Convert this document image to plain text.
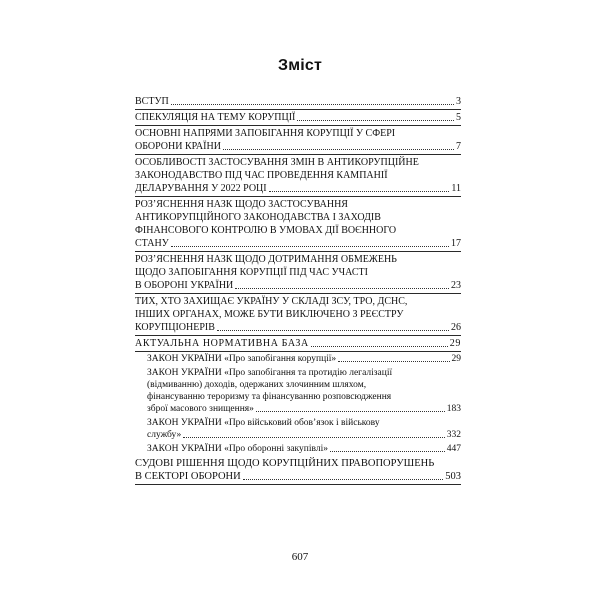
Зміст
ВСТУП	3
СПЕКУЛЯЦІЯ НА ТЕМУ КОРУПЦІЇ	5
ОСНОВНІ НАПРЯМИ ЗАПОБІГАННЯ КОРУПЦІЇ У СФЕРІ
ОБОРОНИ КРАЇНИ	7
ОСОБЛИВОСТІ ЗАСТОСУВАННЯ ЗМІН В АНТИКОРУПЦІЙНЕ
ЗАКОНОДАВСТВО ПІД ЧАС ПРОВЕДЕННЯ КАМПАНІЇ
ДЕЛАРУВАННЯ У 2022 РОЦІ	11
РОЗ’ЯСНЕННЯ НАЗК ЩОДО ЗАСТОСУВАННЯ
АНТИКОРУПЦІЙНОГО ЗАКОНОДАВСТВА І ЗАХОДІВ
ФІНАНСОВОГО КОНТРОЛЮ В УМОВАХ ДІЇ ВОЄННОГО
СТАНУ	17
РОЗ’ЯСНЕННЯ НАЗК ЩОДО ДОТРИМАННЯ ОБМЕЖЕНЬ
ЩОДО ЗАПОБІГАННЯ КОРУПЦІЇ ПІД ЧАС УЧАСТІ
В ОБОРОНІ УКРАЇНИ	23
ТИХ, ХТО ЗАХИЩАЄ УКРАЇНУ У СКЛАДІ ЗСУ, ТРО, ДСНС,
ІНШИХ ОРГАНАХ, МОЖЕ БУТИ ВИКЛЮЧЕНО З РЕЄСТРУ
КОРУПЦІОНЕРІВ	26
АКТУАЛЬНА НОРМАТИВНА БАЗА	29
ЗАКОН УКРАЇНИ «Про запобігання корупції»	29
ЗАКОН УКРАЇНИ «Про запобігання та протидію легалізації
(відмиванню) доходів, одержаних злочинним шляхом,
фінансуванню тероризму та фінансуванню розповсюдження
зброї масового знищення»	183
ЗАКОН УКРАЇНИ «Про військовий обов’язок і військову
службу»	332
ЗАКОН УКРАЇНИ «Про оборонні закупівлі»	447
СУДОВІ РІШЕННЯ ЩОДО КОРУПЦІЙНИХ ПРАВОПОРУШЕНЬ
В СЕКТОРІ ОБОРОНИ	503
607
